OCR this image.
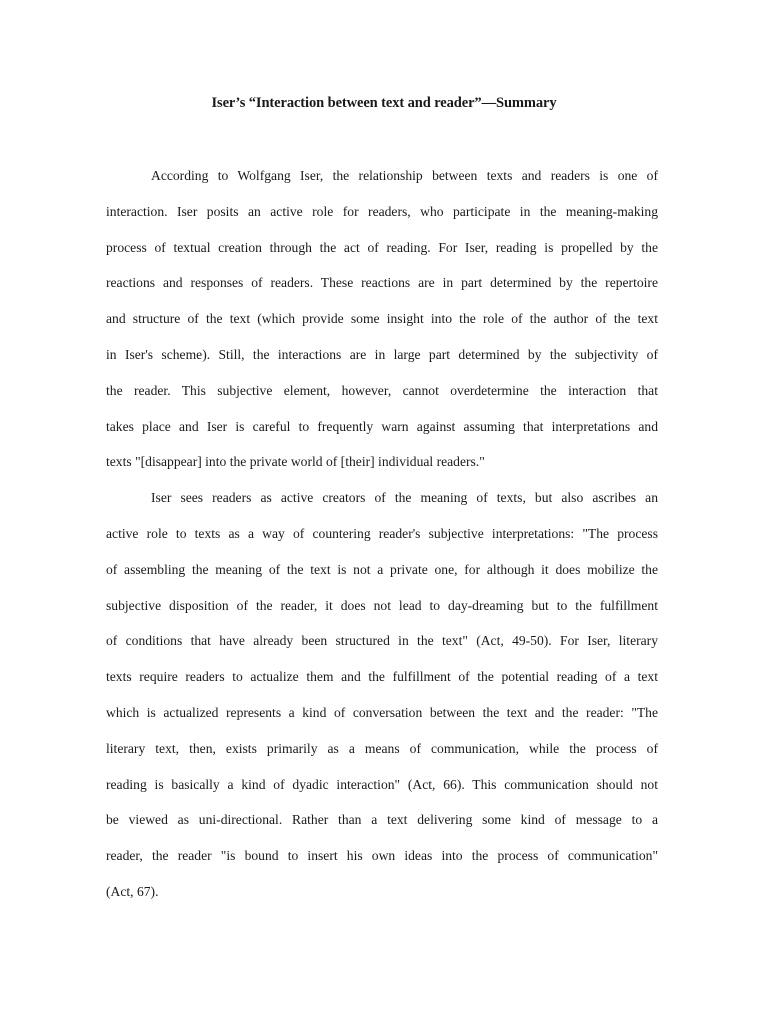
Iser’s “Interaction between text and reader”—Summary
According to Wolfgang Iser, the relationship between texts and readers is one of
interaction. Iser posits an active role for readers, who participate in the meaning-making
process of textual creation through the act of reading. For Iser, reading is propelled by the
reactions and responses of readers. These reactions are in part determined by the repertoire
and structure of the text (which provide some insight into the role of the author of the text
in Iser's scheme). Still, the interactions are in large part determined by the subjectivity of
the reader. This subjective element, however, cannot overdetermine the interaction that
takes place and Iser is careful to frequently warn against assuming that interpretations and
texts "[disappear] into the private world of [their] individual readers."
Iser sees readers as active creators of the meaning of texts, but also ascribes an
active role to texts as a way of countering reader's subjective interpretations: "The process
of assembling the meaning of the text is not a private one, for although it does mobilize the
subjective disposition of the reader, it does not lead to day-dreaming but to the fulfillment
of conditions that have already been structured in the text" (Act, 49-50). For Iser, literary
texts require readers to actualize them and the fulfillment of the potential reading of a text
which is actualized represents a kind of conversation between the text and the reader: "The
literary text, then, exists primarily as a means of communication, while the process of
reading is basically a kind of dyadic interaction" (Act, 66). This communication should not
be viewed as uni-directional. Rather than a text delivering some kind of message to a
reader, the reader "is bound to insert his own ideas into the process of communication"
(Act, 67).
